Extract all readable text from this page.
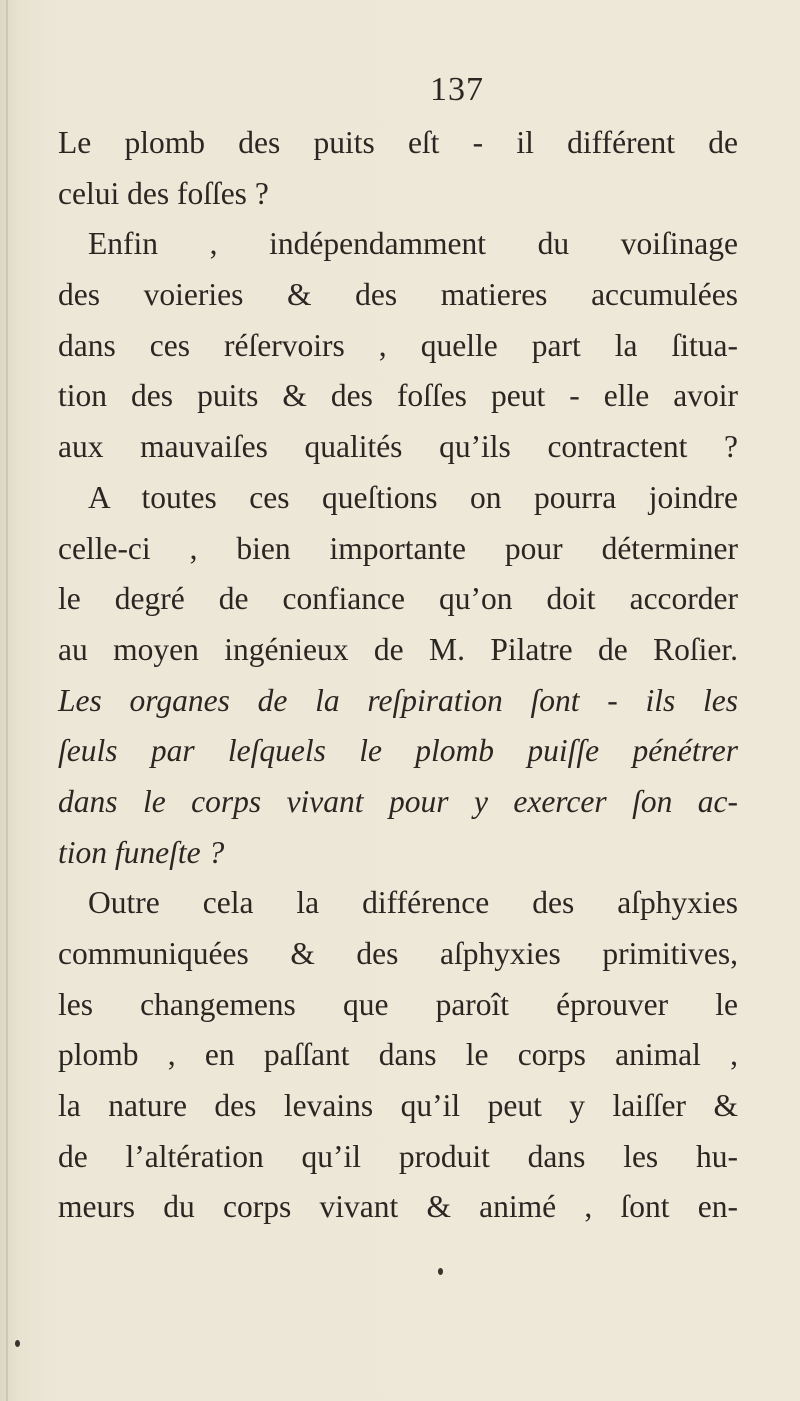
137
Le plomb des puits eſt - il différent de
celui des foſſes ?
Enfin , indépendamment du voiſinage
des voieries & des matieres accumulées
dans ces réſervoirs , quelle part la ſitua-
tion des puits & des foſſes peut - elle avoir
aux mauvaiſes qualités qu’ils contractent ?
A toutes ces queſtions on pourra joindre
celle-ci , bien importante pour déterminer
le degré de confiance qu’on doit accorder
au moyen ingénieux de M. Pilatre de Roſier.
Les organes de la reſpiration ſont - ils les
ſeuls par leſquels le plomb puiſſe pénétrer
dans le corps vivant pour y exercer ſon ac-
tion funeſte ?
Outre cela la différence des aſphyxies
communiquées & des aſphyxies primitives,
les changemens que paroît éprouver le
plomb , en paſſant dans le corps animal ,
la nature des levains qu’il peut y laiſſer &
de l’altération qu’il produit dans les hu-
meurs du corps vivant & animé , ſont en-
